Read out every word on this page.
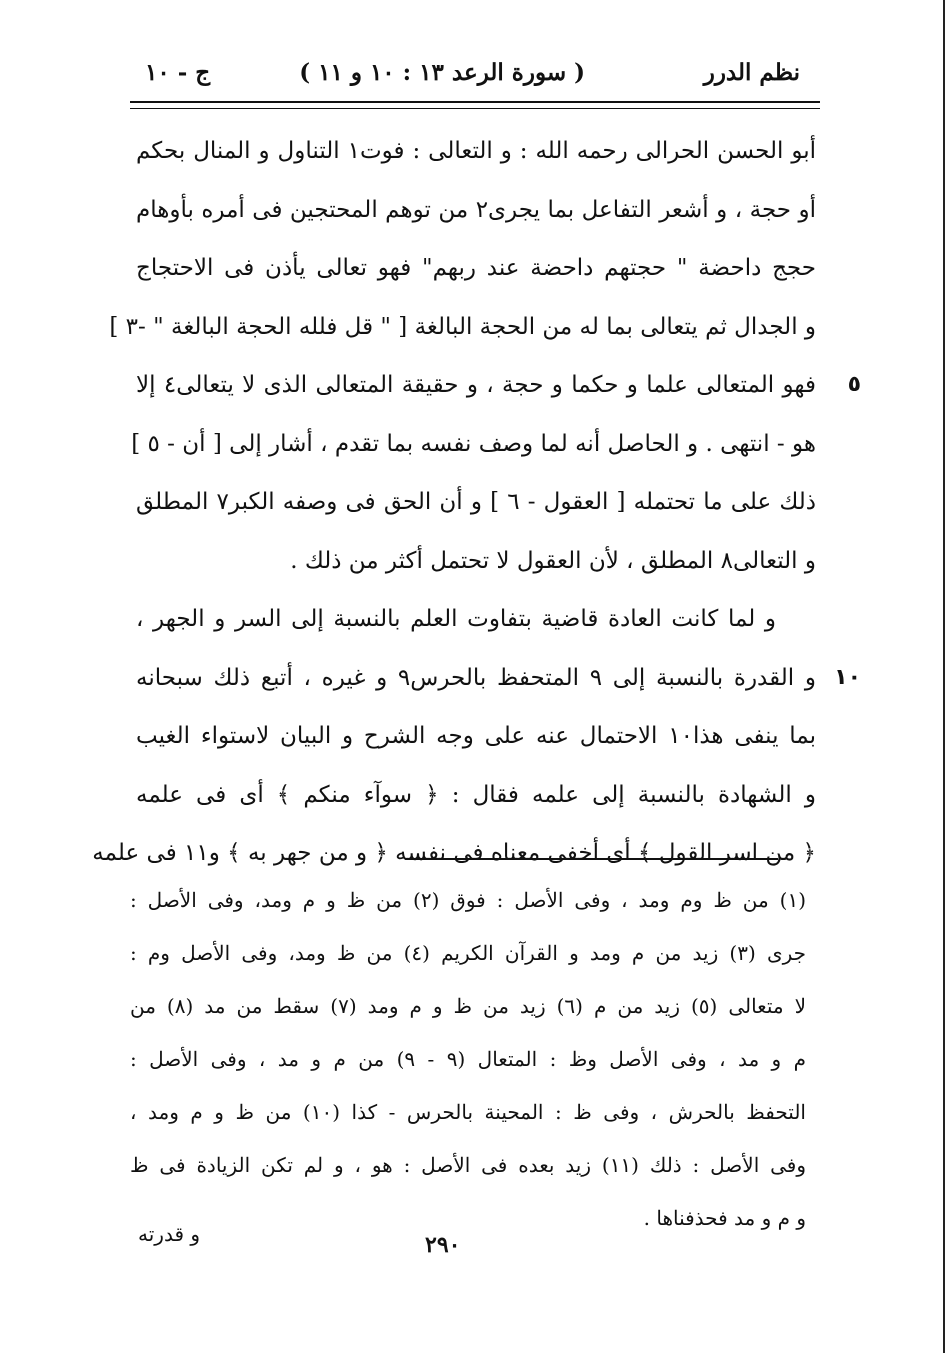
نظم الدرر
( سورة الرعد ١٣ : ١٠ و ١١ )
ج - ١٠
أبو الحسن الحرالى رحمه الله : و التعالى : فوت١ التناول و المنال بحكم
أو حجة ، و أشعر التفاعل بما يجرى٢ من توهم المحتجين فى أمره بأوهام
حجج داحضة " حجتهم داحضة عند ربهم" فهو تعالى يأذن فى الاحتجاج
و الجدال ثم يتعالى بما له من الحجة البالغة [ " قل فلله الحجة البالغة " -٣ ]
٥
فهو المتعالى علما و حكما و حجة ، و حقيقة المتعالى الذى لا يتعالى٤ إلا
هو - انتهى . و الحاصل أنه لما وصف نفسه بما تقدم ، أشار إلى [ أن - ٥ ]
ذلك على ما تحتمله [ العقول - ٦ ] و أن الحق فى وصفه الكبر٧ المطلق
و التعالى٨ المطلق ، لأن العقول لا تحتمل أكثر من ذلك .
و لما كانت العادة قاضية بتفاوت العلم بالنسبة إلى السر و الجهر ،
١٠
و القدرة بالنسبة إلى ٩ المتحفظ بالحرس٩ و غيره ، أتبع ذلك سبحانه
بما ينفى هذا١٠ الاحتمال عنه على وجه الشرح و البيان لاستواء الغيب
و الشهادة بالنسبة إلى علمه فقال : ﴿ سوآء منكم ﴾ أى فى علمه
﴿ من اسر القول ﴾ أى أخفى معناه فى نفسه ﴿ و من جهر به ﴾ و١١ فى علمه
(١) من ظ وم ومد ، وفى الأصل : فوق (٢) من ظ و م ومد، وفى الأصل :
جرى (٣) زيد من م ومد و القرآن الكريم (٤) من ظ ومد، وفى الأصل وم :
لا متعالى (٥) زيد من م (٦) زيد من ظ و م ومد (٧) سقط من مد (٨) من
م و مد ، وفى الأصل وظ : المتعال (٩ - ٩) من م و مد ، وفى الأصل :
التحفظ بالحرش ، وفى ظ : المحينة بالحرس - كذا (١٠) من ظ و م ومد ،
وفى الأصل : ذلك (١١) زيد بعده فى الأصل : هو ، و لم تكن الزيادة فى ظ
و م و مد فحذفناها .
٢٩٠
و قدرته
